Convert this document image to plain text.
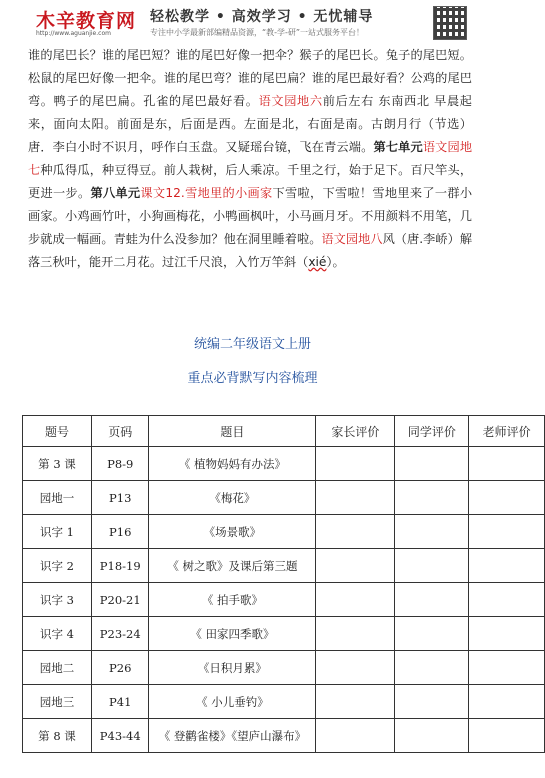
木辛教育网
http://www.aguanjie.com
轻松教学 • 高效学习 • 无忧辅导
专注中小学最新部编精品资源，“教-学-研”一站式服务平台！

谁的尾巴长？谁的尾巴短？谁的尾巴好像一把伞？猴子的尾巴长。兔子的尾巴短。松鼠的尾巴好像一把伞。谁的尾巴弯？谁的尾巴扁？谁的尾巴最好看？公鸡的尾巴弯。鸭子的尾巴扁。孔雀的尾巴最好看。语文园地六前后左右 东南西北 早晨起来，面向太阳。前面是东，后面是西。左面是北，右面是南。古朗月行（节选）唐．李白小时不识月，呼作白玉盘。又疑瑶台镜，飞在青云端。第七单元语文园地七种瓜得瓜，种豆得豆。前人栽树，后人乘凉。千里之行，始于足下。百尺竿头，更进一步。第八单元课文12.雪地里的小画家下雪啦，下雪啦！雪地里来了一群小画家。小鸡画竹叶，小狗画梅花，小鸭画枫叶，小马画月牙。不用颜料不用笔，几步就成一幅画。青蛙为什么没参加？他在洞里睡着啦。语文园地八风（唐.李峤）解落三秋叶，能开二月花。过江千尺浪，入竹万竿斜（xié）。

统编二年级语文上册
重点必背默写内容梳理
题号	页码	题目	家长评价	同学评价	老师评价
第 3 课	P8-9	《 植物妈妈有办法》			
园地一	P13	《梅花》			
识字 1	P16	《场景歌》			
识字 2	P18-19	《 树之歌》及课后第三题			
识字 3	P20-21	《 拍手歌》			
识字 4	P23-24	《 田家四季歌》			
园地二	P26	《日积月累》			
园地三	P41	《 小儿垂钓》			
第 8 课	P43-44	《 登鹳雀楼》《望庐山瀑布》			
